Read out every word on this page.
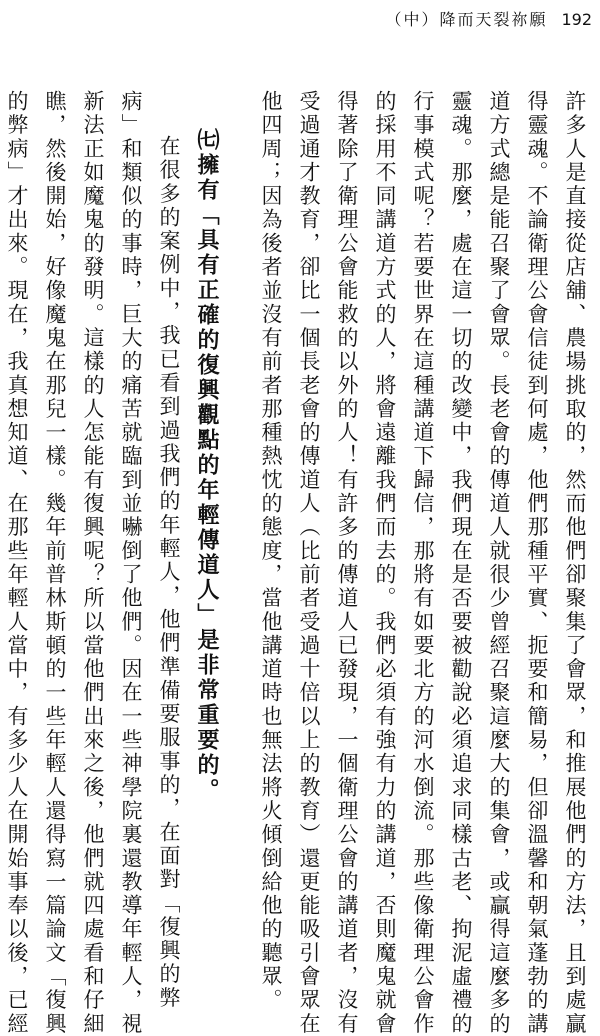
（中）降而天裂祢願 192
許多人是直接從店舖、農場挑取的，然而他們卻聚集了會眾，和推展他們的方法，且到處贏
得靈魂。不論衛理公會信徒到何處，他們那種平實、扼要和簡易，但卻溫馨和朝氣蓬勃的講
道方式總是能召聚了會眾。長老會的傳道人就很少曾經召聚這麼大的集會，或贏得這麼多的
靈魂。那麼，處在這一切的改變中，我們現在是否要被勸說必須追求同樣古老、拘泥虛禮的
行事模式呢？若要世界在這種講道下歸信，那將有如要北方的河水倒流。那些像衛理公會作
的採用不同講道方式的人，將會遠離我們而去的。我們必須有強有力的講道，否則魔鬼就會
得著除了衛理公會能救的以外的人！有許多的傳道人已發現，一個衛理公會的講道者，沒有
受過通才教育，卻比一個長老會的傳道人（比前者受過十倍以上的教育）還更能吸引會眾在
他四周；因為後者並沒有前者那種熱忱的態度，當他講道時也無法將火傾倒給他的聽眾。
㈦擁有「具有正確的復興觀點的年輕傳道人」是非常重要的。
在很多的案例中，我已看到過我們的年輕人，他們準備要服事的，在面對「復興的弊
病」和類似的事時，巨大的痛苦就臨到並嚇倒了他們。因在一些神學院裏還教導年輕人，視
新法正如魔鬼的發明。這樣的人怎能有復興呢？所以當他們出來之後，他們就四處看和仔細
瞧，然後開始，好像魔鬼在那兒一樣。幾年前普林斯頓的一些年輕人還得寫一篇論文「復興
的弊病」才出來。現在，我真想知道、在那些年輕人當中，有多少人在開始事奉以後，已經
